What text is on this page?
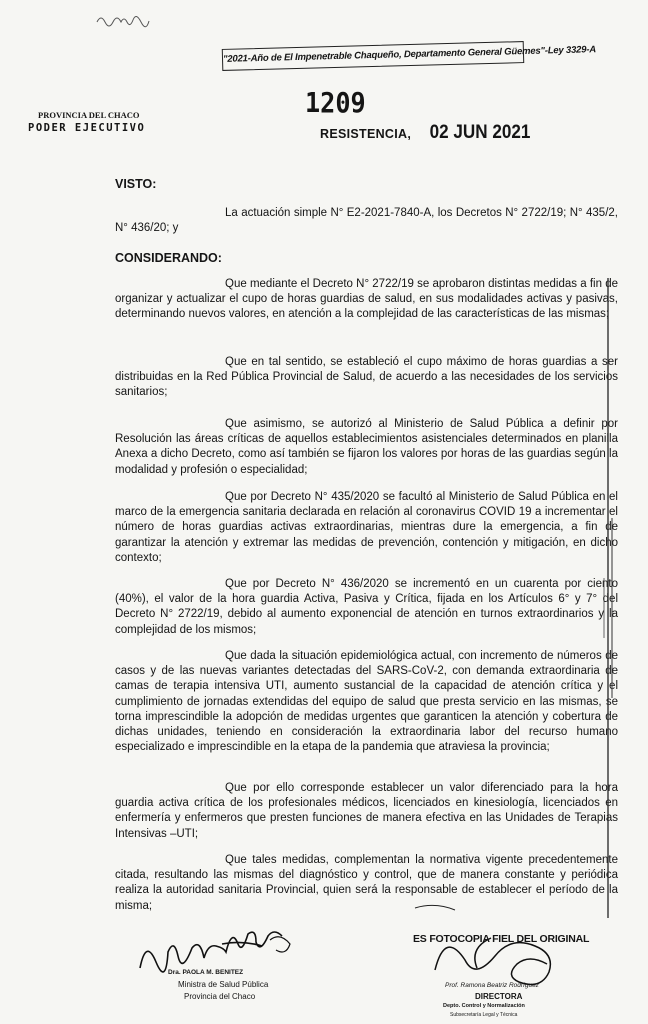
"2021-Año de El Impenetrable Chaqueño, Departamento General Güemes"-Ley 3329-A
PROVINCIA DEL CHACO
PODER EJECUTIVO
1209
RESISTENCIA, 02 JUN 2021
VISTO:

La actuación simple N° E2-2021-7840-A, los Decretos N° 2722/19; N° 435/2, N° 436/20; y

CONSIDERANDO:

Que mediante el Decreto N° 2722/19 se aprobaron distintas medidas a fin de organizar y actualizar el cupo de horas guardias de salud, en sus modalidades activas y pasivas, determinando nuevos valores, en atención a la complejidad de las características de las mismas;

Que en tal sentido, se estableció el cupo máximo de horas guardias a ser distribuidas en la Red Pública Provincial de Salud, de acuerdo a las necesidades de los servicios sanitarios;

Que asimismo, se autorizó al Ministerio de Salud Pública a definir por Resolución las áreas críticas de aquellos establecimientos asistenciales determinados en planilla Anexa a dicho Decreto, como así también se fijaron los valores por horas de las guardias según la modalidad y profesión o especialidad;

Que por Decreto N° 435/2020 se facultó al Ministerio de Salud Pública en el marco de la emergencia sanitaria declarada en relación al coronavirus COVID 19 a incrementar el número de horas guardias activas extraordinarias, mientras dure la emergencia, a fin de garantizar la atención y extremar las medidas de prevención, contención y mitigación, en dicho contexto;

Que por Decreto N° 436/2020 se incrementó en un cuarenta por ciento (40%), el valor de la hora guardia Activa, Pasiva y Crítica, fijada en los Artículos 6° y 7° del Decreto N° 2722/19, debido al aumento exponencial de atención en turnos extraordinarios y la complejidad de los mismos;

Que dada la situación epidemiológica actual, con incremento de números de casos y de las nuevas variantes detectadas del SARS-CoV-2, con demanda extraordinaria de camas de terapia intensiva UTI, aumento sustancial de la capacidad de atención crítica y el cumplimiento de jornadas extendidas del equipo de salud que presta servicio en las mismas, se torna imprescindible la adopción de medidas urgentes que garanticen la atención y cobertura de dichas unidades, teniendo en consideración la extraordinaria labor del recurso humano especializado e imprescindible en la etapa de la pandemia que atraviesa la provincia;

Que por ello corresponde establecer un valor diferenciado para la hora guardia activa crítica de los profesionales médicos, licenciados en kinesiología, licenciados en enfermería y enfermeros que presten funciones de manera efectiva en las Unidades de Terapias Intensivas –UTI;

Que tales medidas, complementan la normativa vigente precedentemente citada, resultando las mismas del diagnóstico y control, que de manera constante y periódica realiza la autoridad sanitaria Provincial, quien será la responsable de establecer el período de la misma;

Dra. PAOLA M. BENITEZ
Ministra de Salud Pública
Provincia del Chaco
ES FOTOCOPIA FIEL DEL ORIGINAL
Prof. Ramona Beatriz Rodríguez
DIRECTORA
Depto. Control y Normalización
Subsecretaría Legal y Técnica
